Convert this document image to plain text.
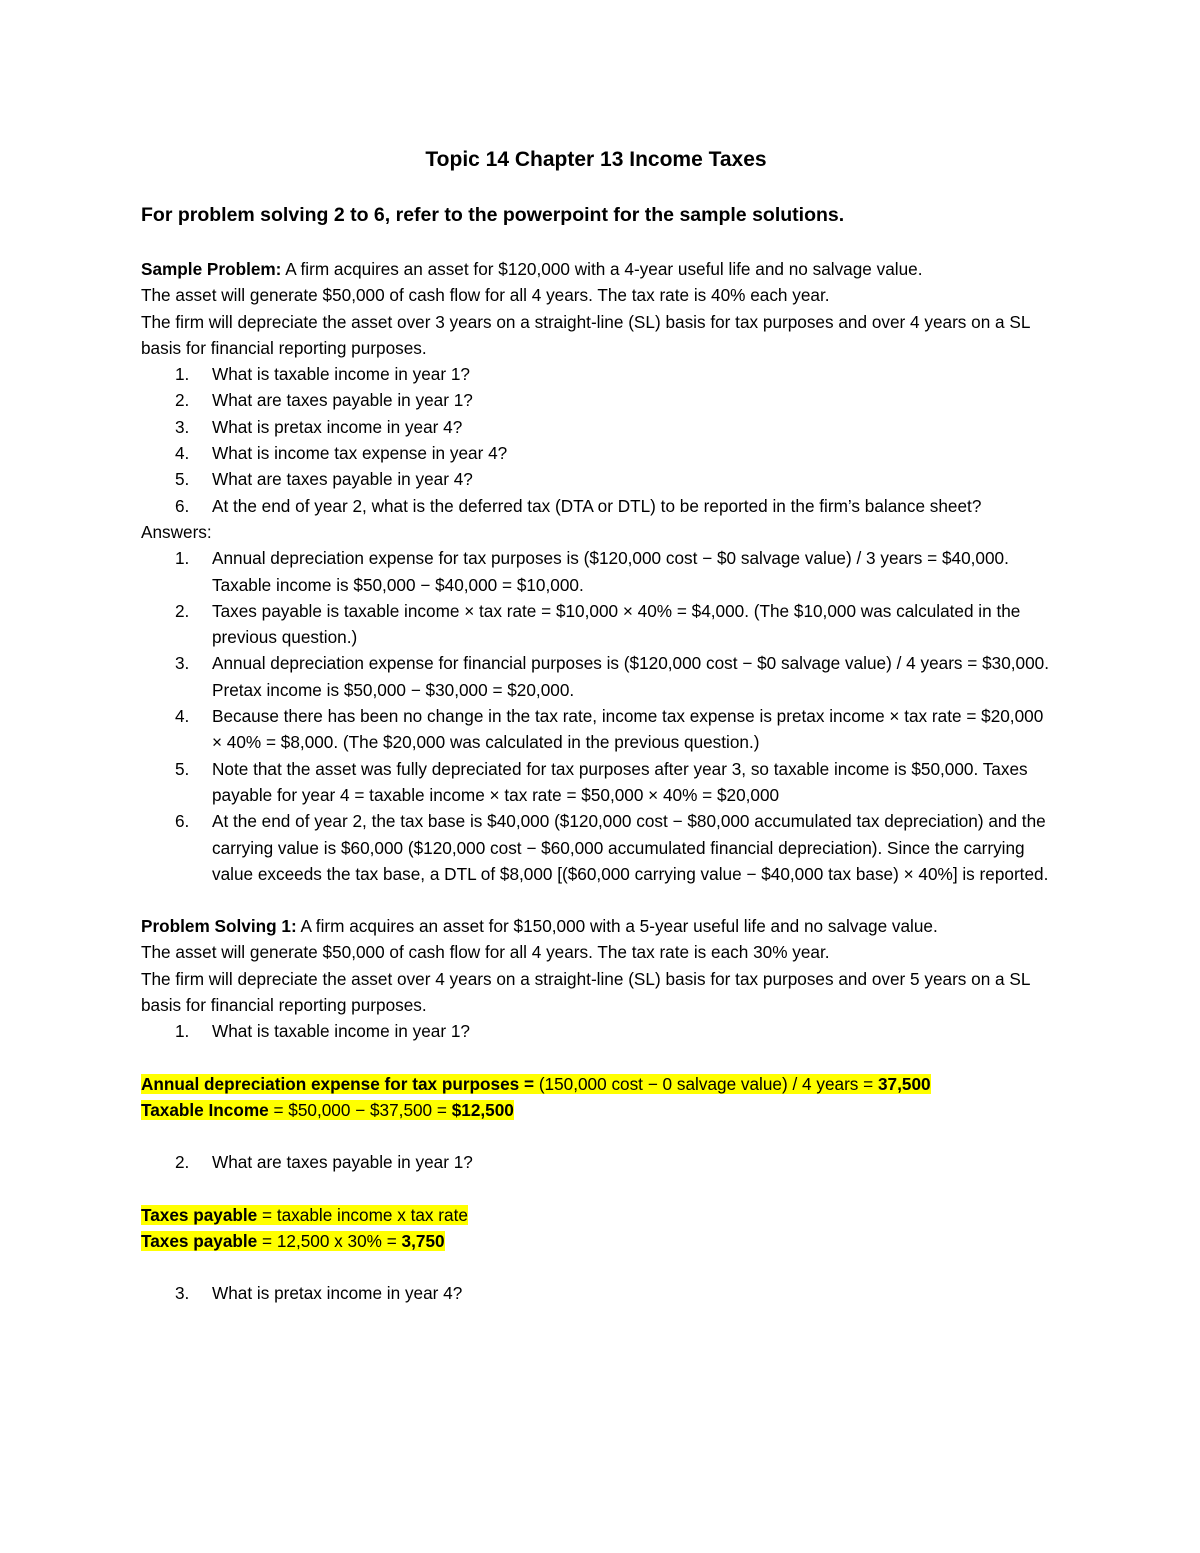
Topic 14 Chapter 13 Income Taxes

For problem solving 2 to 6, refer to the powerpoint for the sample solutions.

Sample Problem: A firm acquires an asset for $120,000 with a 4-year useful life and no salvage value.

The asset will generate $50,000 of cash flow for all 4 years. The tax rate is 40% each year.

The firm will depreciate the asset over 3 years on a straight-line (SL) basis for tax purposes and over 4 years on a SL basis for financial reporting purposes.

1. What is taxable income in year 1?
2. What are taxes payable in year 1?
3. What is pretax income in year 4?
4. What is income tax expense in year 4?
5. What are taxes payable in year 4?
6. At the end of year 2, what is the deferred tax (DTA or DTL) to be reported in the firm’s balance sheet?

Answers:

1. Annual depreciation expense for tax purposes is ($120,000 cost − $0 salvage value) / 3 years = $40,000. Taxable income is $50,000 − $40,000 = $10,000.
2. Taxes payable is taxable income × tax rate = $10,000 × 40% = $4,000. (The $10,000 was calculated in the previous question.)
3. Annual depreciation expense for financial purposes is ($120,000 cost − $0 salvage value) / 4 years = $30,000. Pretax income is $50,000 − $30,000 = $20,000.
4. Because there has been no change in the tax rate, income tax expense is pretax income × tax rate = $20,000 × 40% = $8,000. (The $20,000 was calculated in the previous question.)
5. Note that the asset was fully depreciated for tax purposes after year 3, so taxable income is $50,000. Taxes payable for year 4 = taxable income × tax rate = $50,000 × 40% = $20,000
6. At the end of year 2, the tax base is $40,000 ($120,000 cost − $80,000 accumulated tax depreciation) and the carrying value is $60,000 ($120,000 cost − $60,000 accumulated financial depreciation). Since the carrying value exceeds the tax base, a DTL of $8,000 [($60,000 carrying value − $40,000 tax base) × 40%] is reported.

Problem Solving 1: A firm acquires an asset for $150,000 with a 5-year useful life and no salvage value.

The asset will generate $50,000 of cash flow for all 4 years. The tax rate is each 30% year.

The firm will depreciate the asset over 4 years on a straight-line (SL) basis for tax purposes and over 5 years on a SL basis for financial reporting purposes.

1. What is taxable income in year 1?

Annual depreciation expense for tax purposes = (150,000 cost − 0 salvage value) / 4 years = 37,500

Taxable Income = $50,000 − $37,500 = $12,500

2. What are taxes payable in year 1?

Taxes payable = taxable income x tax rate

Taxes payable = 12,500 x 30% = 3,750

3. What is pretax income in year 4?
